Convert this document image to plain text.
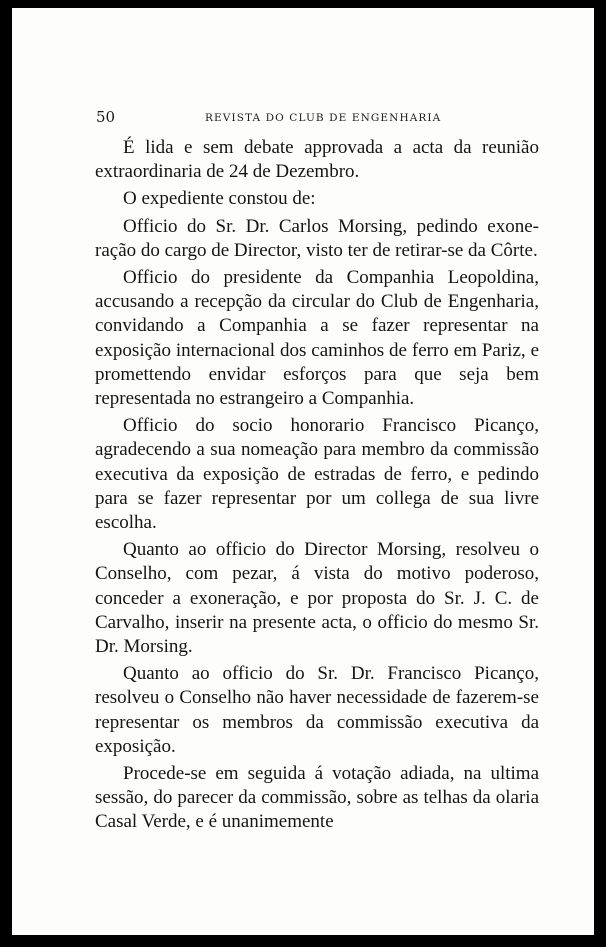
50	REVISTA DO CLUB DE ENGENHARIA

É lida e sem debate approvada a acta da reunião extraordinaria de 24 de Dezembro.

O expediente constou de:

Officio do Sr. Dr. Carlos Morsing, pedindo exoneração do cargo de Director, visto ter de retirar-se da Côrte.

Officio do presidente da Companhia Leopoldina, accusando a recepção da circular do Club de Engenharia, convidando a Companhia a se fazer representar na exposição internacional dos caminhos de ferro em Pariz, e promettendo envidar esforços para que seja bem representada no estrangeiro a Companhia.

Officio do socio honorario Francisco Picanço, agradecendo a sua nomeação para membro da commissão executiva da exposição de estradas de ferro, e pedindo para se fazer representar por um collega de sua livre escolha.

Quanto ao officio do Director Morsing, resolveu o Conselho, com pezar, á vista do motivo poderoso, conceder a exoneração, e por proposta do Sr. J. C. de Carvalho, inserir na presente acta, o officio do mesmo Sr. Dr. Morsing.

Quanto ao officio do Sr. Dr. Francisco Picanço, resolveu o Conselho não haver necessidade de fazerem-se representar os membros da commissão executiva da exposição.

Procede-se em seguida á votação adiada, na ultima sessão, do parecer da commissão, sobre as telhas da olaria Casal Verde, e é unanimemente
